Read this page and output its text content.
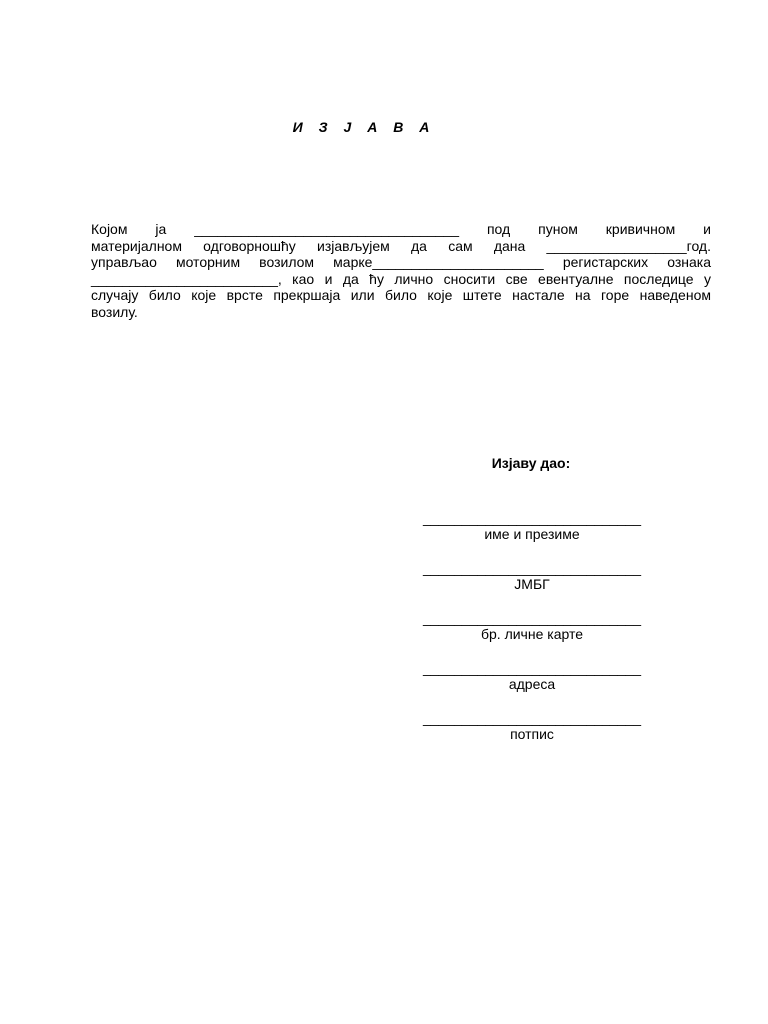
И З Ј А В А
Којом ја __________________________________ под пуном кривичном и
материјалном одговорношћу изјављујем да сам дана __________________год.
управљао моторним возилом марке______________________ регистарских ознака
________________________, као и да ћу лично сносити све евентуалне последице у
случају било које врсте прекршаја или било које штете настале на горе наведеном
возилу.

Изјаву дао:

____________________________
име и презиме
____________________________
ЈМБГ
____________________________
бр. личне карте
____________________________
адреса
____________________________
потпис
